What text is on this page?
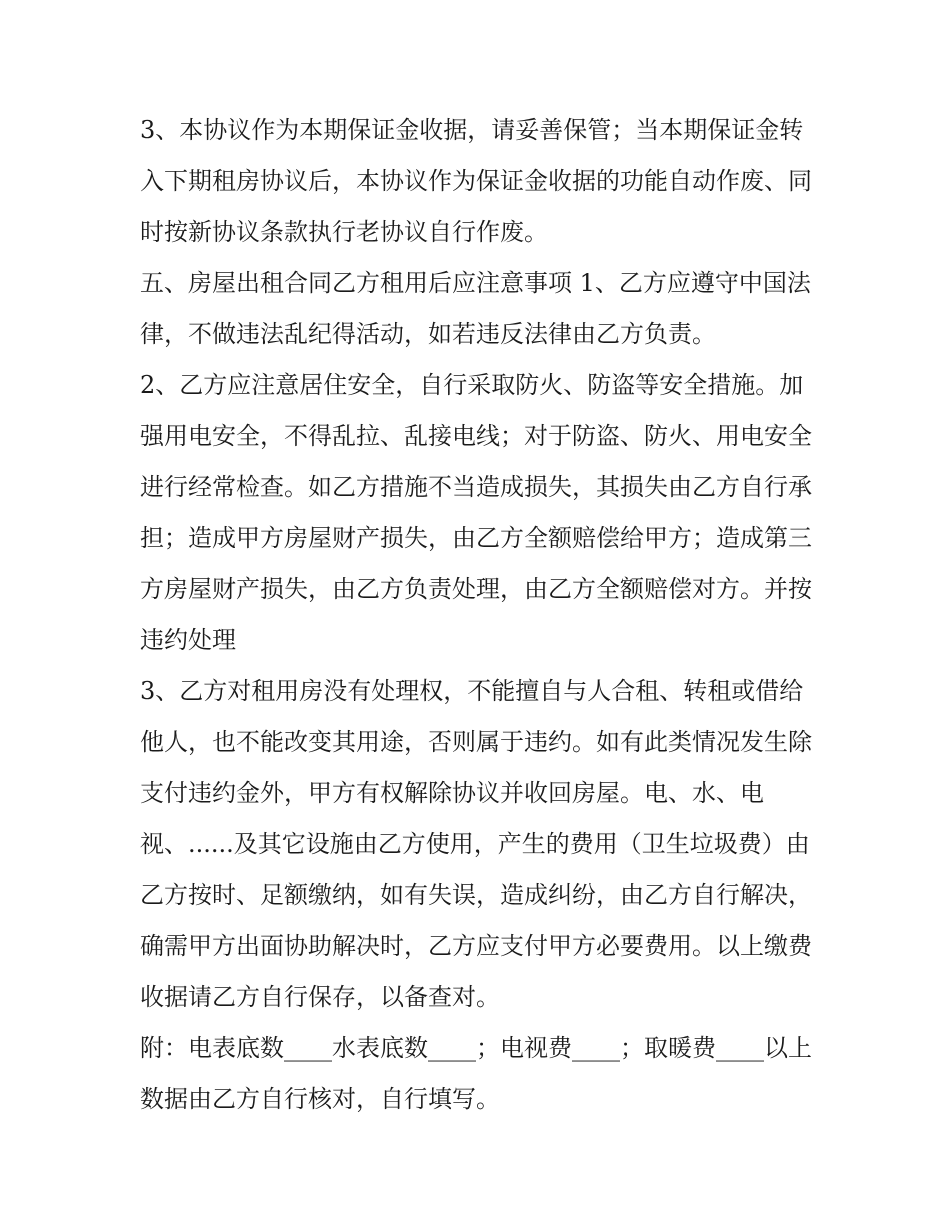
3、本协议作为本期保证金收据，请妥善保管；当本期保证金转入下期租房协议后，本协议作为保证金收据的功能自动作废、同时按新协议条款执行老协议自行作废。

五、房屋出租合同乙方租用后应注意事项 1、乙方应遵守中国法律，不做违法乱纪得活动，如若违反法律由乙方负责。

2、乙方应注意居住安全，自行采取防火、防盗等安全措施。加强用电安全，不得乱拉、乱接电线；对于防盗、防火、用电安全进行经常检查。如乙方措施不当造成损失，其损失由乙方自行承担；造成甲方房屋财产损失，由乙方全额赔偿给甲方；造成第三方房屋财产损失，由乙方负责处理，由乙方全额赔偿对方。并按违约处理

3、乙方对租用房没有处理权，不能擅自与人合租、转租或借给他人，也不能改变其用途，否则属于违约。如有此类情况发生除支付违约金外，甲方有权解除协议并收回房屋。电、水、电视、......及其它设施由乙方使用，产生的费用（卫生垃圾费）由乙方按时、足额缴纳，如有失误，造成纠纷，由乙方自行解决，确需甲方出面协助解决时，乙方应支付甲方必要费用。以上缴费收据请乙方自行保存，以备查对。

附：电表底数____水表底数____；电视费____；取暖费____以上数据由乙方自行核对，自行填写。
